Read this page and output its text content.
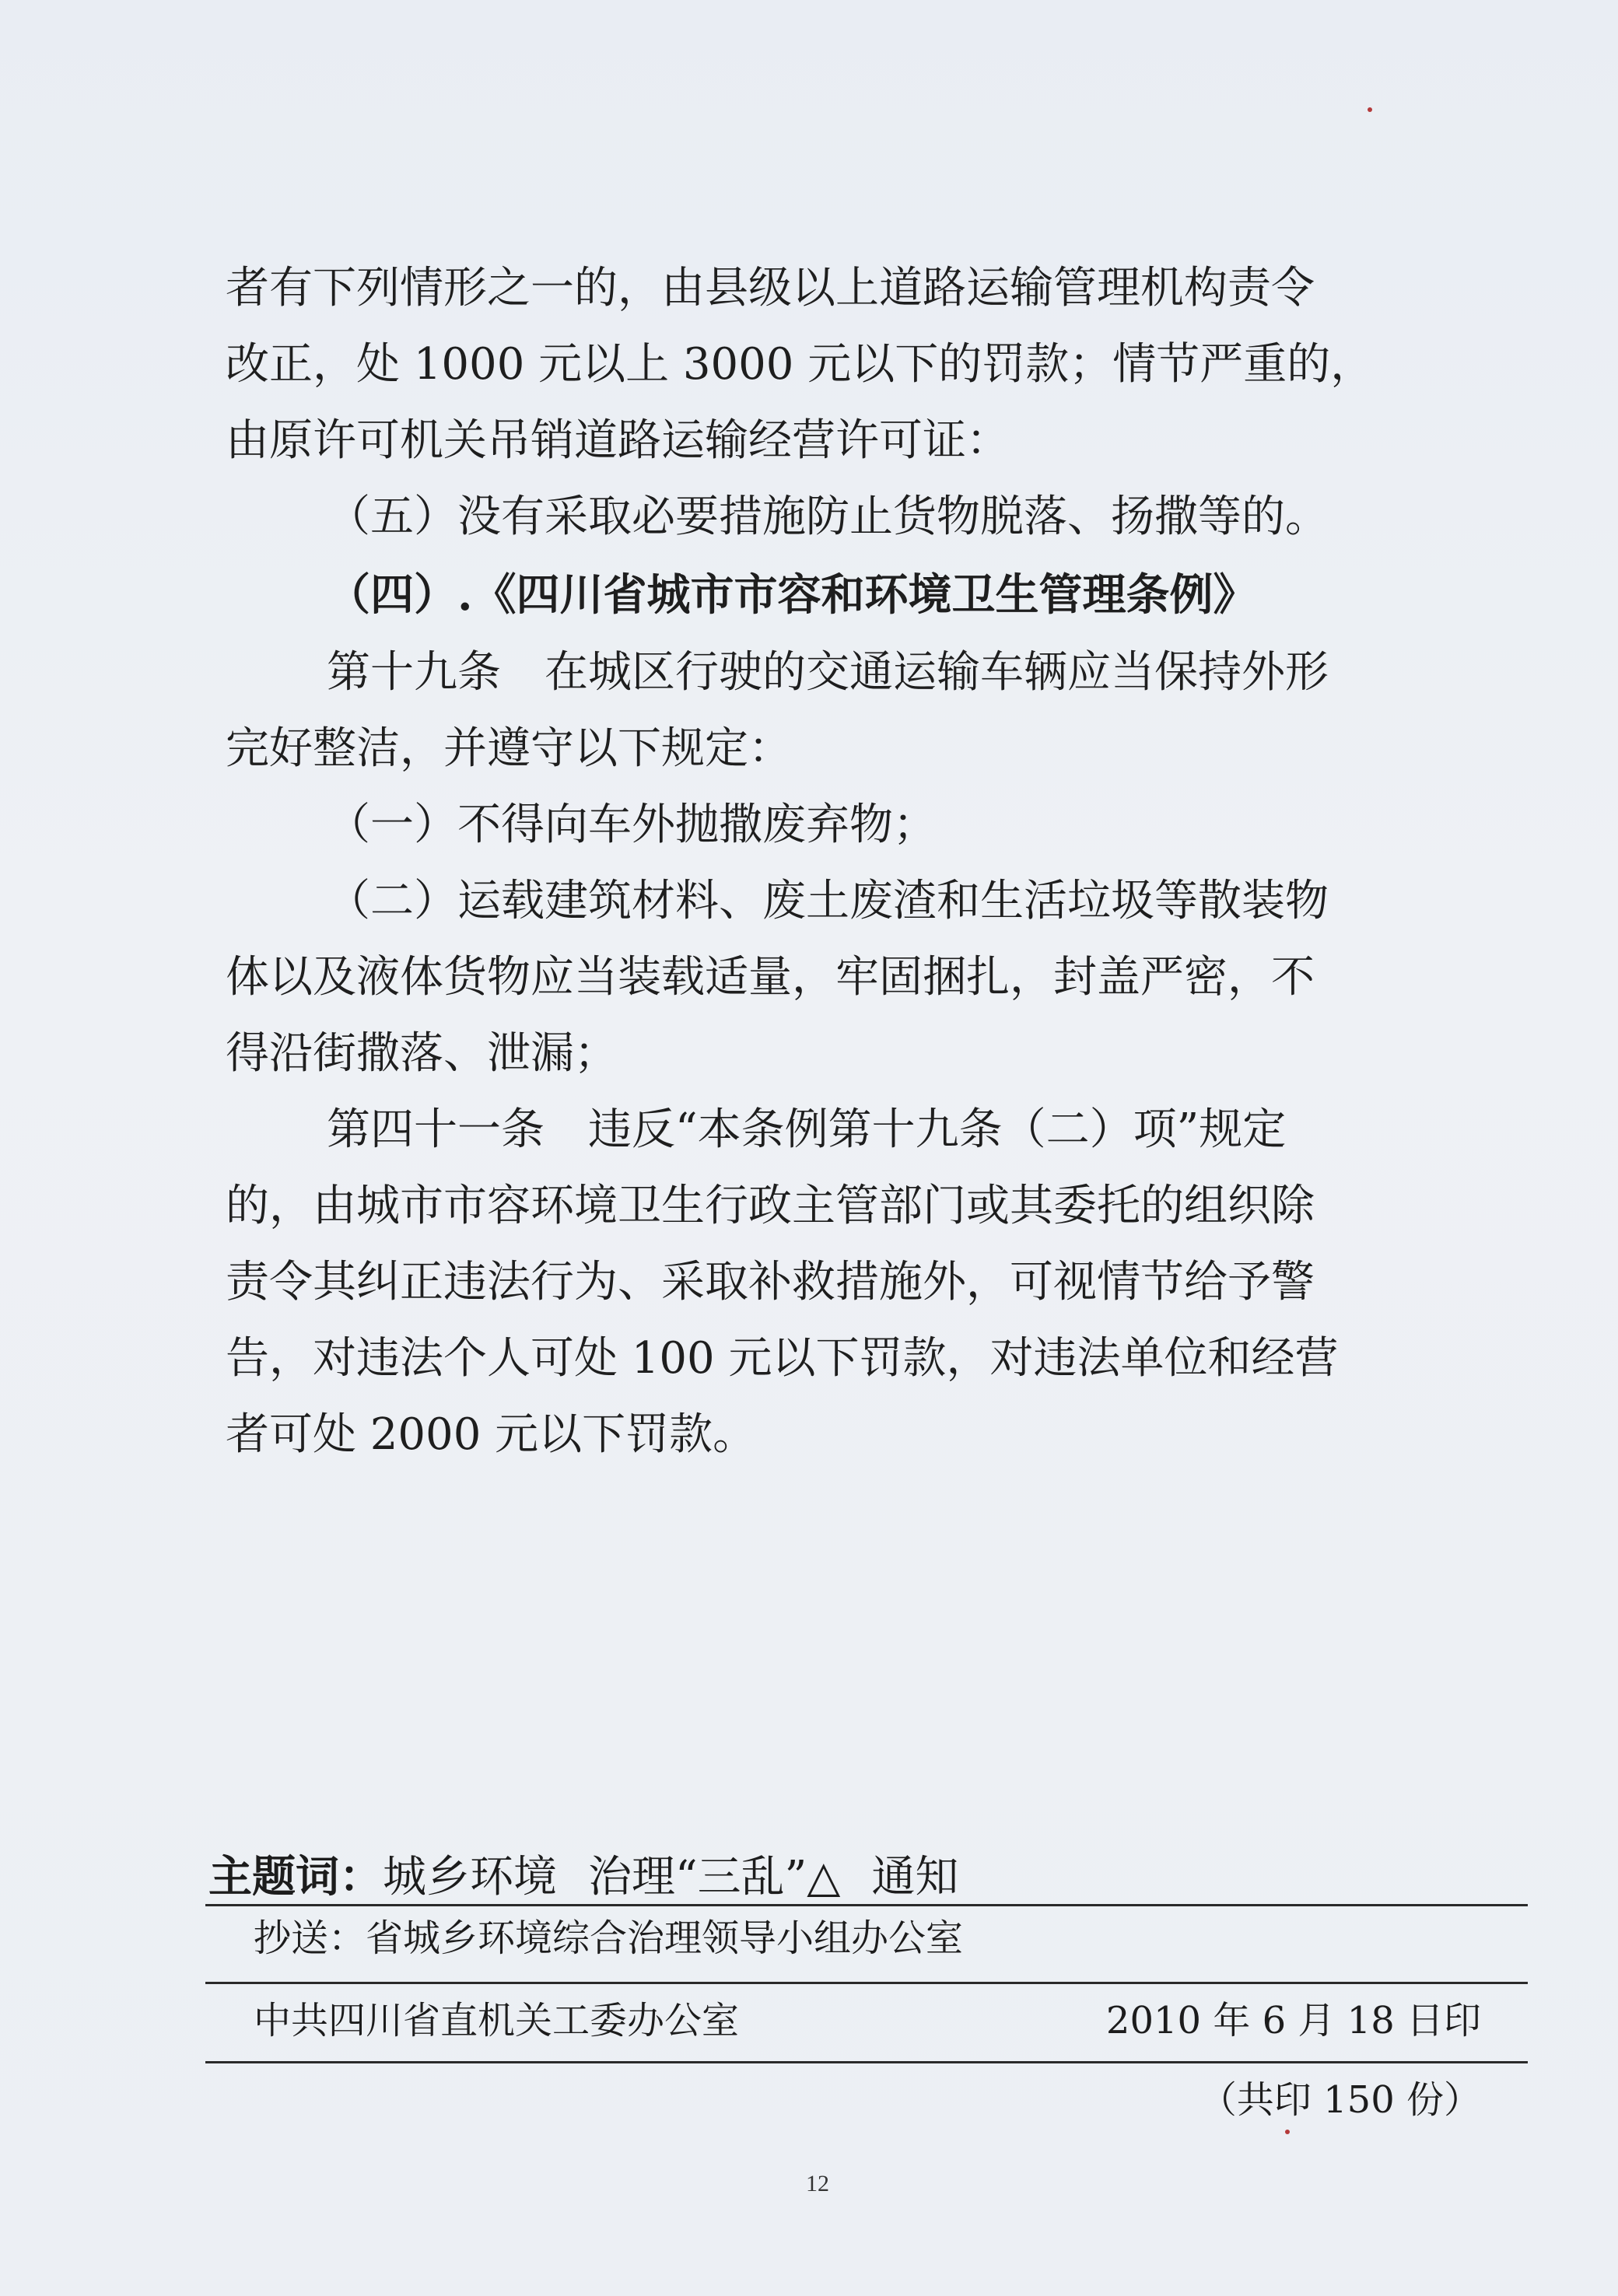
者有下列情形之一的，由县级以上道路运输管理机构责令
改正，处 1000 元以上 3000 元以下的罚款；情节严重的，
由原许可机关吊销道路运输经营许可证：
（五）没有采取必要措施防止货物脱落、扬撒等的。
（四）.《四川省城市市容和环境卫生管理条例》
第十九条　在城区行驶的交通运输车辆应当保持外形
完好整洁，并遵守以下规定：
（一）不得向车外抛撒废弃物；
（二）运载建筑材料、废土废渣和生活垃圾等散装物
体以及液体货物应当装载适量，牢固捆扎，封盖严密，不
得沿街撒落、泄漏；
第四十一条　违反“本条例第十九条（二）项”规定
的，由城市市容环境卫生行政主管部门或其委托的组织除
责令其纠正违法行为、采取补救措施外，可视情节给予警
告，对违法个人可处 100 元以下罚款，对违法单位和经营
者可处 2000 元以下罚款。
主题词：城乡环境 治理“三乱”△ 通知
抄送：省城乡环境综合治理领导小组办公室
中共四川省直机关工委办公室	2010 年 6 月 18 日印
（共印 150 份）
12
